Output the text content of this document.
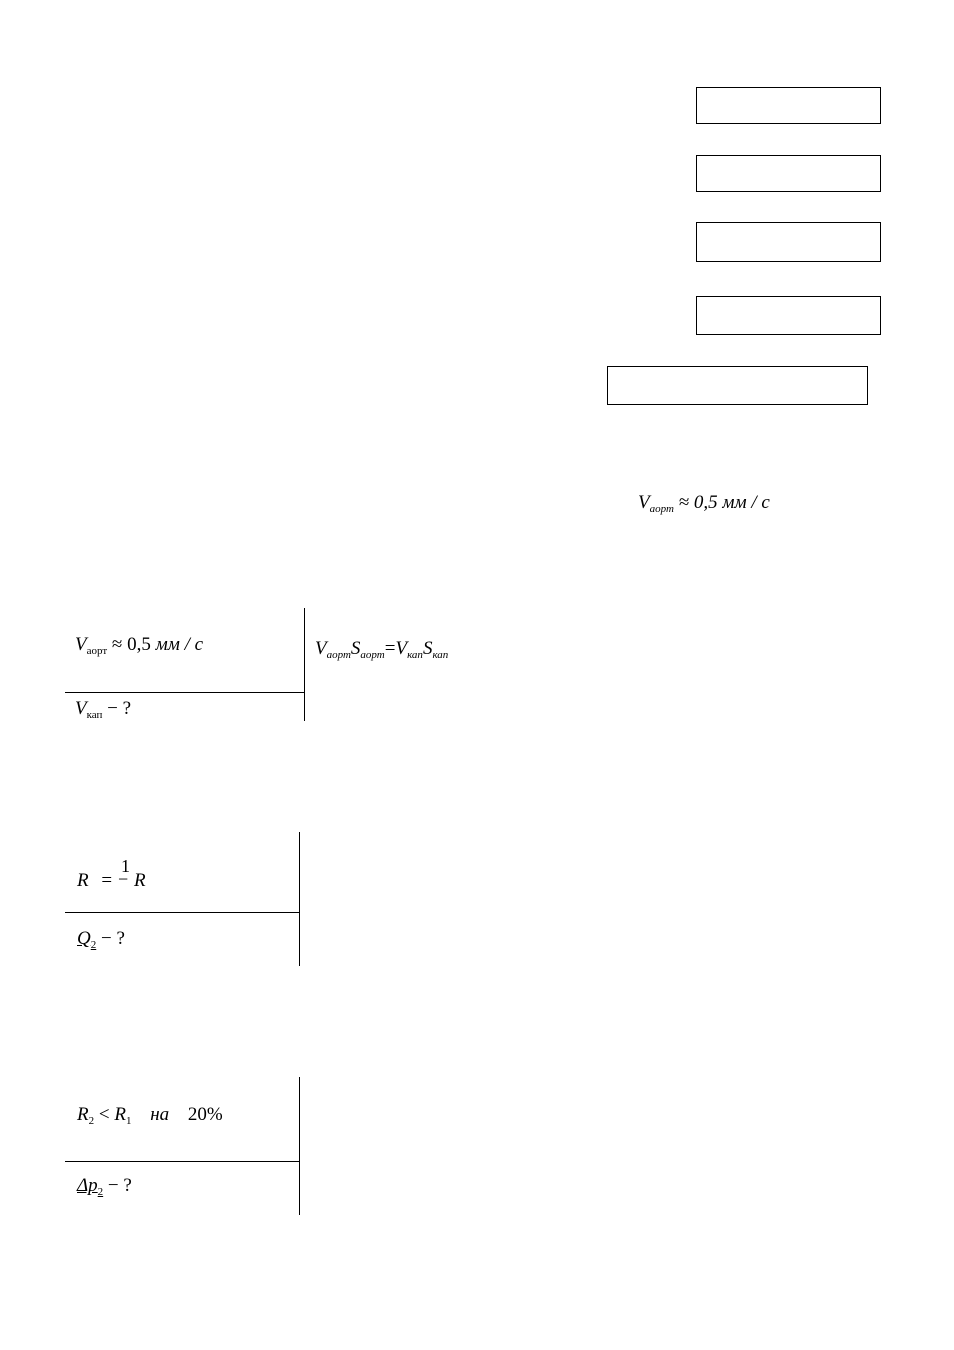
$V_{аорт} \approx 0,5$ мм / с
$V_{аорт} \approx 0,5$ мм / с
$V_{кап}$ − ?
$V_{аорт}S_{аорт}=V_{кап}S_{кап}$
R =
1
− R
$Q_2$ − ?
$R_2 < R_1$ на 20%
$\Delta p_2$ − ?
